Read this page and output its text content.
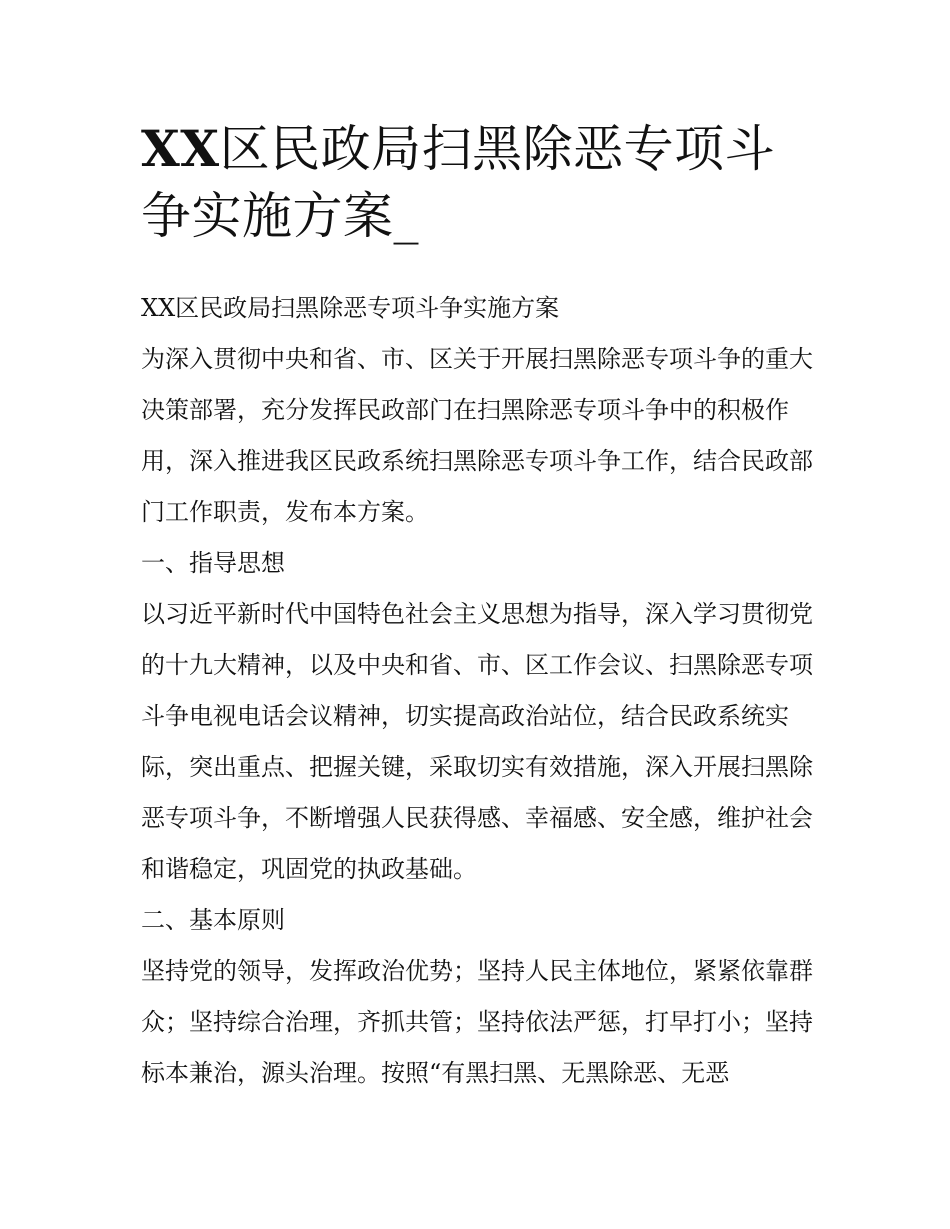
XX区民政局扫黑除恶专项斗争实施方案_

XX区民政局扫黑除恶专项斗争实施方案

为深入贯彻中央和省、市、区关于开展扫黑除恶专项斗争的重大决策部署，充分发挥民政部门在扫黑除恶专项斗争中的积极作用，深入推进我区民政系统扫黑除恶专项斗争工作，结合民政部门工作职责，发布本方案。

一、指导思想

以习近平新时代中国特色社会主义思想为指导，深入学习贯彻党的十九大精神，以及中央和省、市、区工作会议、扫黑除恶专项斗争电视电话会议精神，切实提高政治站位，结合民政系统实际，突出重点、把握关键，采取切实有效措施，深入开展扫黑除恶专项斗争，不断增强人民获得感、幸福感、安全感，维护社会和谐稳定，巩固党的执政基础。

二、基本原则

坚持党的领导，发挥政治优势；坚持人民主体地位，紧紧依靠群众；坚持综合治理，齐抓共管；坚持依法严惩，打早打小；坚持标本兼治，源头治理。按照“有黑扫黑、无黑除恶、无恶
